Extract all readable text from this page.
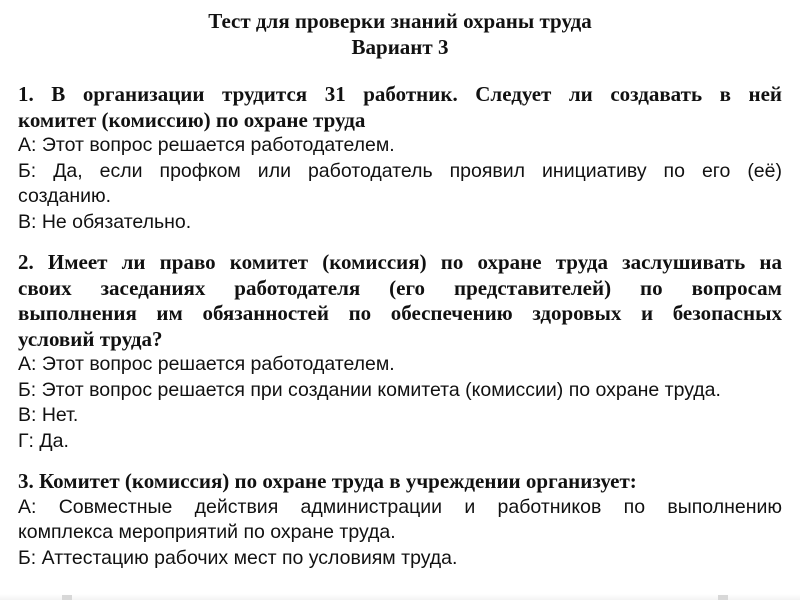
Тест для проверки знаний охраны труда
Вариант 3
1. В организации трудится 31 работник. Следует ли создавать в ней
комитет (комиссию) по охране труда
А: Этот вопрос решается работодателем.
Б: Да, если профком или работодатель проявил инициативу по его (её)
созданию.
В: Не обязательно.
2. Имеет ли право комитет (комиссия) по охране труда заслушивать на
своих заседаниях работодателя (его представителей) по вопросам
выполнения им обязанностей по обеспечению здоровых и безопасных
условий труда?
А: Этот вопрос решается работодателем.
Б: Этот вопрос решается при создании комитета (комиссии) по охране труда.
В: Нет.
Г: Да.
3. Комитет (комиссия) по охране труда в учреждении организует:
А: Совместные действия администрации и работников по выполнению
комплекса мероприятий по охране труда.
Б: Аттестацию рабочих мест по условиям труда.
